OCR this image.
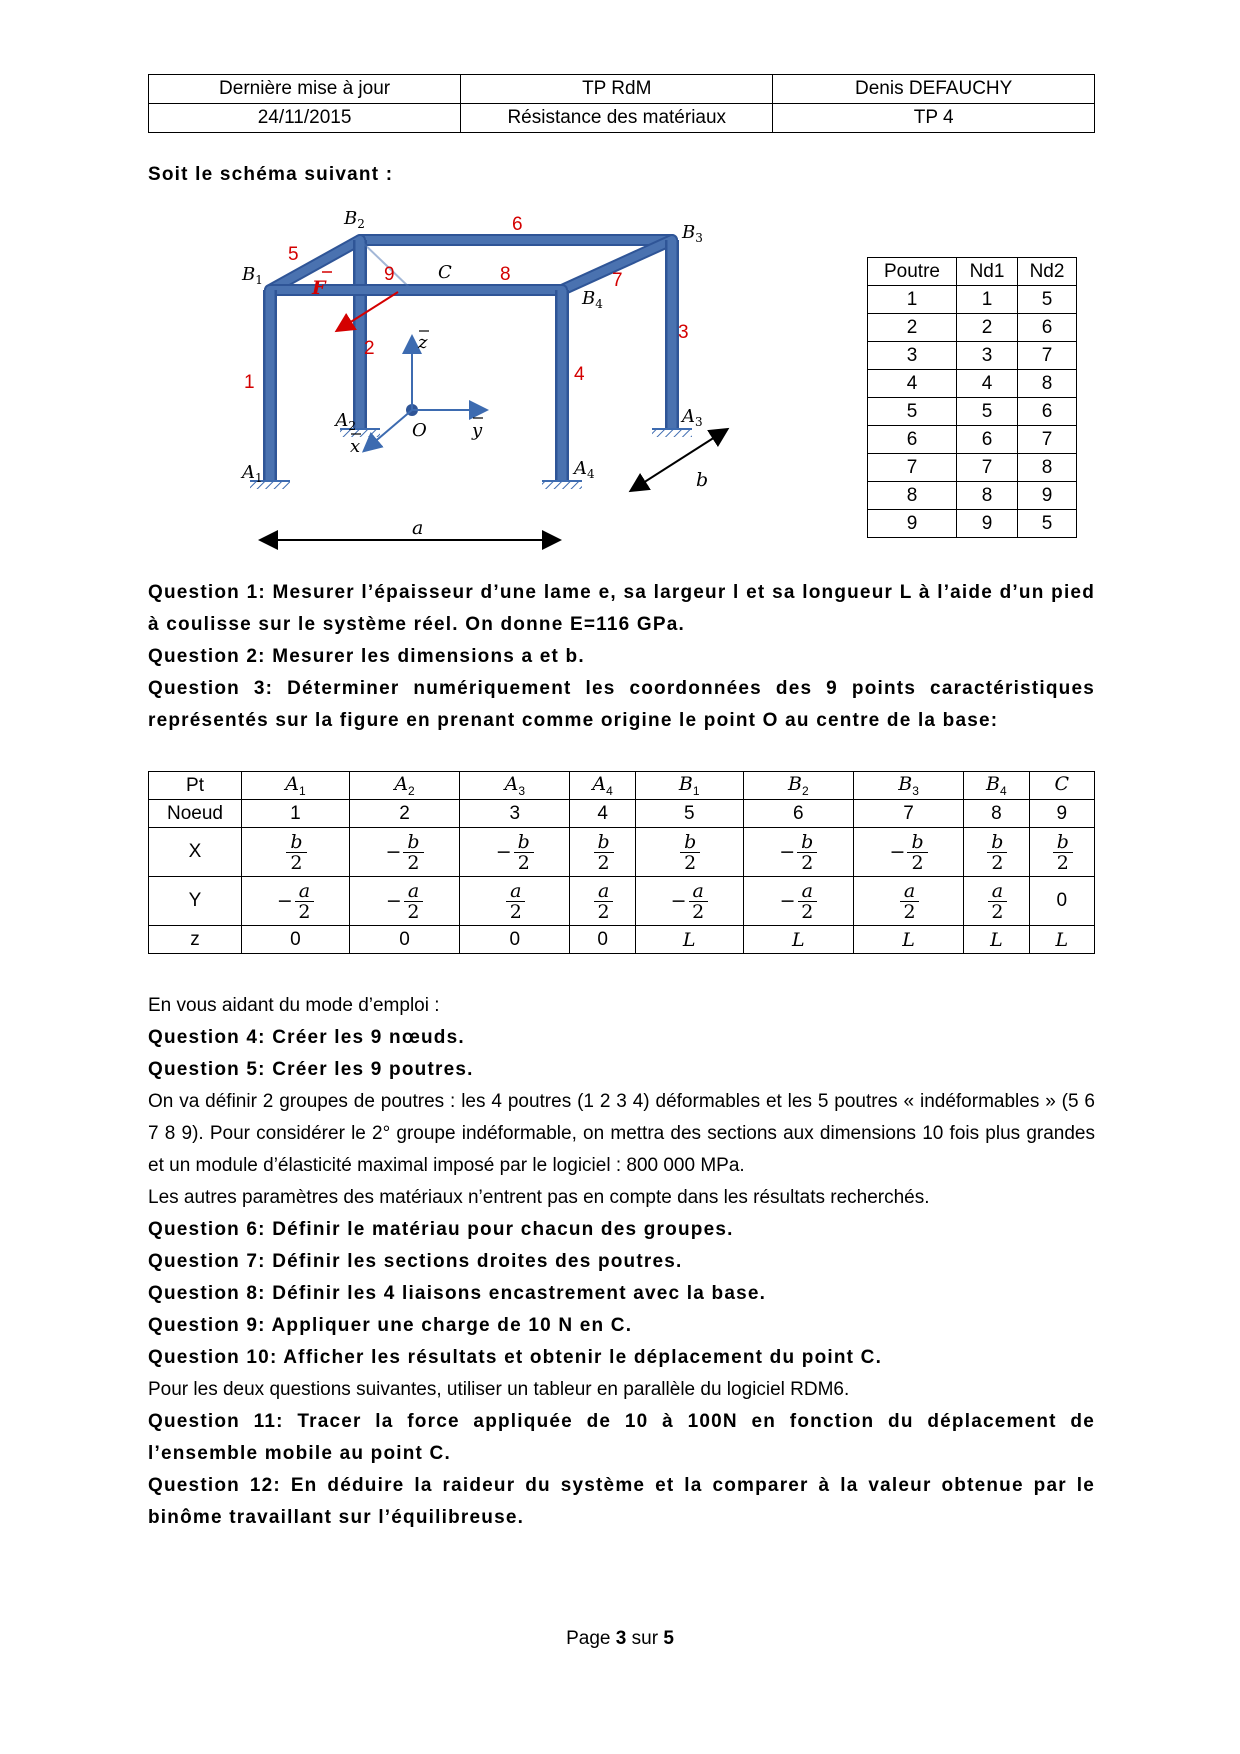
Dernière mise à jour	TP RdM	Denis DEFAUCHY
24/11/2015	Résistance des matériaux	TP 4
Soit le schéma suivant :
F
z
y
x
O
$B_2$	$B_3$
$B_1$
$B_4$
C
$A_1$
$A_2$	$A_3$
$A_4$
1
2
3
4
5
6
7
8
9
a
b
Poutre	Nd1	Nd2
1	1	5
2	2	6
3	3	7
4	4	8
5	5	6
6	6	7
7	7	8
8	8	9
9	9	5
Question 1: Mesurer l’épaisseur d’une lame e, sa largeur l et sa longueur L à l’aide d’un pied à coulisse sur le système réel. On donne E=116 GPa.
Question 2: Mesurer les dimensions a et b.
Question 3: Déterminer numériquement les coordonnées des 9 points caractéristiques représentés sur la figure en prenant comme origine le point O au centre de la base:
Pt	$A_1$	$A_2$	$A_3$	$A_4$	$B_1$	$B_2$	$B_3$	$B_4$	C
Noeud	1	2	3	4	5	6	7	8	9
X	$\frac{b}{2}$	− $\frac{b}{2}$	− $\frac{b}{2}$	$\frac{b}{2}$	$\frac{b}{2}$	− $\frac{b}{2}$	− $\frac{b}{2}$	$\frac{b}{2}$	$\frac{b}{2}$

Y	− $\frac{a}{2}$	− $\frac{a}{2}$	$\frac{a}{2}$	$\frac{a}{2}$	− $\frac{a}{2}$	− $\frac{a}{2}$	$\frac{a}{2}$	$\frac{a}{2}$	0
z	0	0	0	0	L	L	L	L	L
En vous aidant du mode d’emploi :
Question 4: Créer les 9 nœuds.
Question 5: Créer les 9 poutres.
On va définir 2 groupes de poutres : les 4 poutres (1 2 3 4) déformables et les 5 poutres « indéformables » (5 6 7 8 9). Pour considérer le 2° groupe indéformable, on mettra des sections aux dimensions 10 fois plus grandes et un module d’élasticité maximal imposé par le logiciel : 800 000 MPa.
Les autres paramètres des matériaux n’entrent pas en compte dans les résultats recherchés.
Question 6: Définir le matériau pour chacun des groupes.
Question 7: Définir les sections droites des poutres.
Question 8: Définir les 4 liaisons encastrement avec la base.
Question 9: Appliquer une charge de 10 N en C.
Question 10: Afficher les résultats et obtenir le déplacement du point C.
Pour les deux questions suivantes, utiliser un tableur en parallèle du logiciel RDM6.
Question 11: Tracer la force appliquée de 10 à 100N en fonction du déplacement de l’ensemble mobile au point C.
Question 12: En déduire la raideur du système et la comparer à la valeur obtenue par le binôme travaillant sur l’équilibreuse.
Page 3 sur 5
